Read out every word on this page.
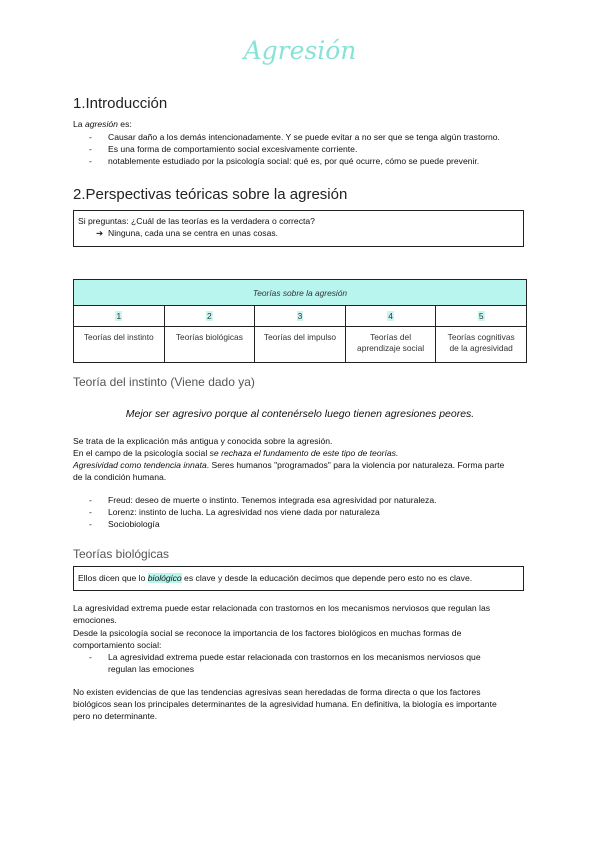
Agresión
1.Introducción
La agresión es:
- Causar daño a los demás intencionadamente. Y se puede evitar a no ser que se tenga algún trastorno.
- Es una forma de comportamiento social excesivamente corriente.
- notablemente estudiado por la psicología social: qué es, por qué ocurre, cómo se puede prevenir.
2.Perspectivas teóricas sobre la agresión
Si preguntas: ¿Cuál de las teorías es la verdadera o correcta?
➔ Ninguna, cada una se centra en unas cosas.
Teorías sobre la agresión				
1	2	3	4	5
Teorías del instinto	Teorías biológicas	Teorías del impulso	Teorías del aprendizaje social	Teorías cognitivas de la agresividad
Teoría del instinto (Viene dado ya)
Mejor ser agresivo porque al contenérselo luego tienen agresiones peores.
Se trata de la explicación más antigua y conocida sobre la agresión.
En el campo de la psicología social se rechaza el fundamento de este tipo de teorías.
Agresividad como tendencia innata. Seres humanos "programados" para la violencia por naturaleza. Forma parte
de la condición humana.
- Freud: deseo de muerte o instinto. Tenemos integrada esa agresividad por naturaleza.
- Lorenz: instinto de lucha. La agresividad nos viene dada por naturaleza
- Sociobiología
Teorías biológicas
Ellos dicen que lo biológico es clave y desde la educación decimos que depende pero esto no es clave.
La agresividad extrema puede estar relacionada con trastornos en los mecanismos nerviosos que regulan las
emociones.
Desde la psicología social se reconoce la importancia de los factores biológicos en muchas formas de
comportamiento social:
- La agresividad extrema puede estar relacionada con trastornos en los mecanismos nerviosos que
regulan las emociones
No existen evidencias de que las tendencias agresivas sean heredadas de forma directa o que los factores
biológicos sean los principales determinantes de la agresividad humana. En definitiva, la biología es importante
pero no determinante.
